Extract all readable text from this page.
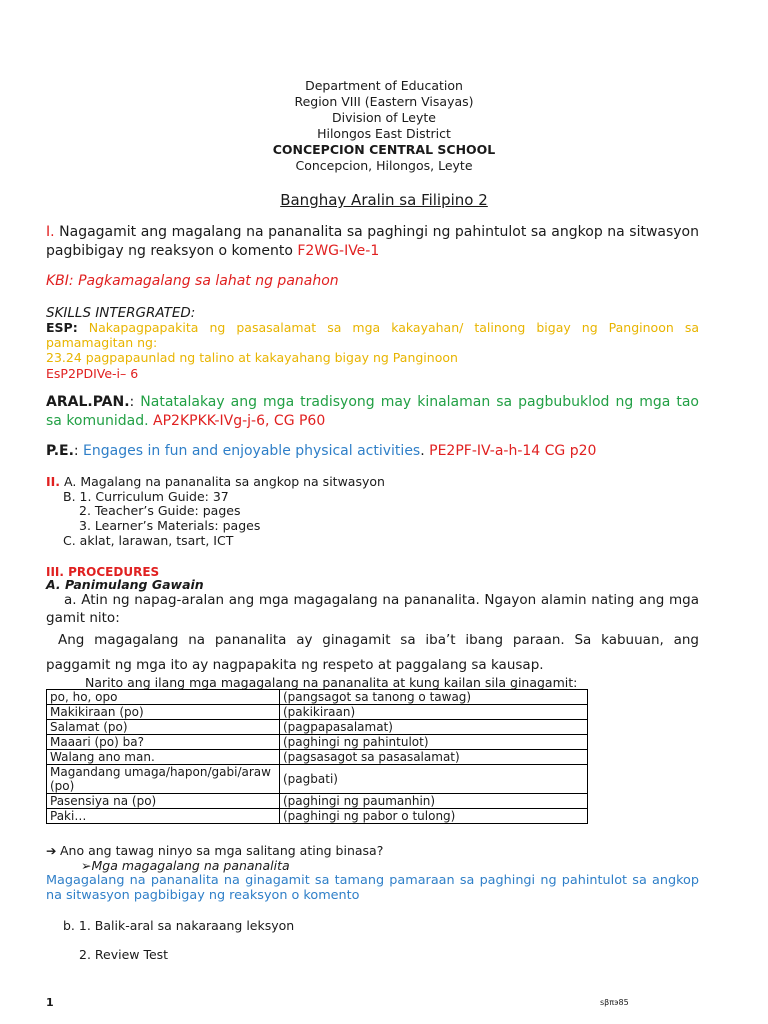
Department of Education
Region VIII (Eastern Visayas)
Division of Leyte
Hilongos East District
CONCEPCION CENTRAL SCHOOL
Concepcion, Hilongos, Leyte
Banghay Aralin sa Filipino 2
I. Nagagamit ang magalang na pananalita sa paghingi ng pahintulot sa angkop na sitwasyon pagbibigay ng reaksyon o komento F2WG-IVe-1
KBI: Pagkamagalang sa lahat ng panahon
SKILLS INTERGRATED:
ESP: Nakapagpapakita ng pasasalamat sa mga kakayahan/ talinong bigay ng Panginoon sa pamamagitan ng:
23.24 pagpapaunlad ng talino at kakayahang bigay ng Panginoon
EsP2PDIVe-i– 6
ARAL.PAN.: Natatalakay ang mga tradisyong may kinalaman sa pagbubuklod ng mga tao sa komunidad. AP2KPKK-IVg-j-6, CG P60
P.E.: Engages in fun and enjoyable physical activities. PE2PF-IV-a-h-14 CG p20
II. A. Magalang na pananalita sa angkop na sitwasyon
B. 1. Curriculum Guide: 37
2. Teacher’s Guide: pages
3. Learner’s Materials: pages
C. aklat, larawan, tsart, ICT
III. PROCEDURES
A. Panimulang Gawain
a. Atin ng napag-aralan ang mga magagalang na pananalita. Ngayon alamin nating ang mga gamit nito:
Ang magagalang na pananalita ay ginagamit sa iba’t ibang paraan. Sa kabuuan, ang paggamit ng mga ito ay nagpapakita ng respeto at paggalang sa kausap.
Narito ang ilang mga magagalang na pananalita at kung kailan sila ginagamit:
po, ho, opo	(pangsagot sa tanong o tawag)
Makikiraan (po)	(pakikiraan)
Salamat (po)	(pagpapasalamat)
Maaari (po) ba?	(paghingi ng pahintulot)
Walang ano man.	(pagsasagot sa pasasalamat)
Magandang umaga/hapon/gabi/araw (po)	(pagbati)
Pasensiya na (po)	(paghingi ng paumanhin)
Paki…	(paghingi ng pabor o tulong)
➔ Ano ang tawag ninyo sa mga salitang ating binasa?
➢Mga magagalang na pananalita
Magagalang na pananalita na ginagamit sa tamang pamaraan sa paghingi ng pahintulot sa angkop na sitwasyon pagbibigay ng reaksyon o komento
b. 1. Balik-aral sa nakaraang leksyon
2. Review Test
1	ѕβπэ85
